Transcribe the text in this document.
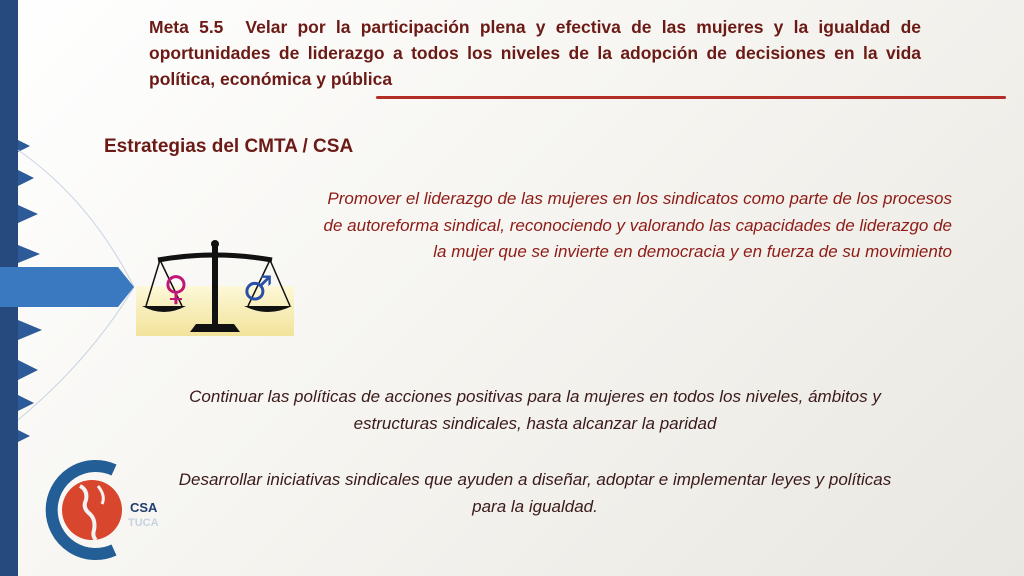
Meta 5.5 Velar por la participación plena y efectiva de las mujeres y la igualdad de oportunidades de liderazgo a todos los niveles de la adopción de decisiones en la vida política, económica y pública
Estrategias del CMTA / CSA
Promover el liderazgo de las mujeres en los sindicatos como parte de los procesos de autoreforma sindical, reconociendo y valorando las capacidades de liderazgo de la mujer que se invierte en democracia y en fuerza de su movimiento
♀ ♂
Continuar las políticas de acciones positivas para la mujeres en todos los niveles, ámbitos y estructuras sindicales, hasta alcanzar la paridad
Desarrollar iniciativas sindicales que ayuden a diseñar, adoptar e implementar leyes y políticas para la igualdad.
CSA
TUCA
